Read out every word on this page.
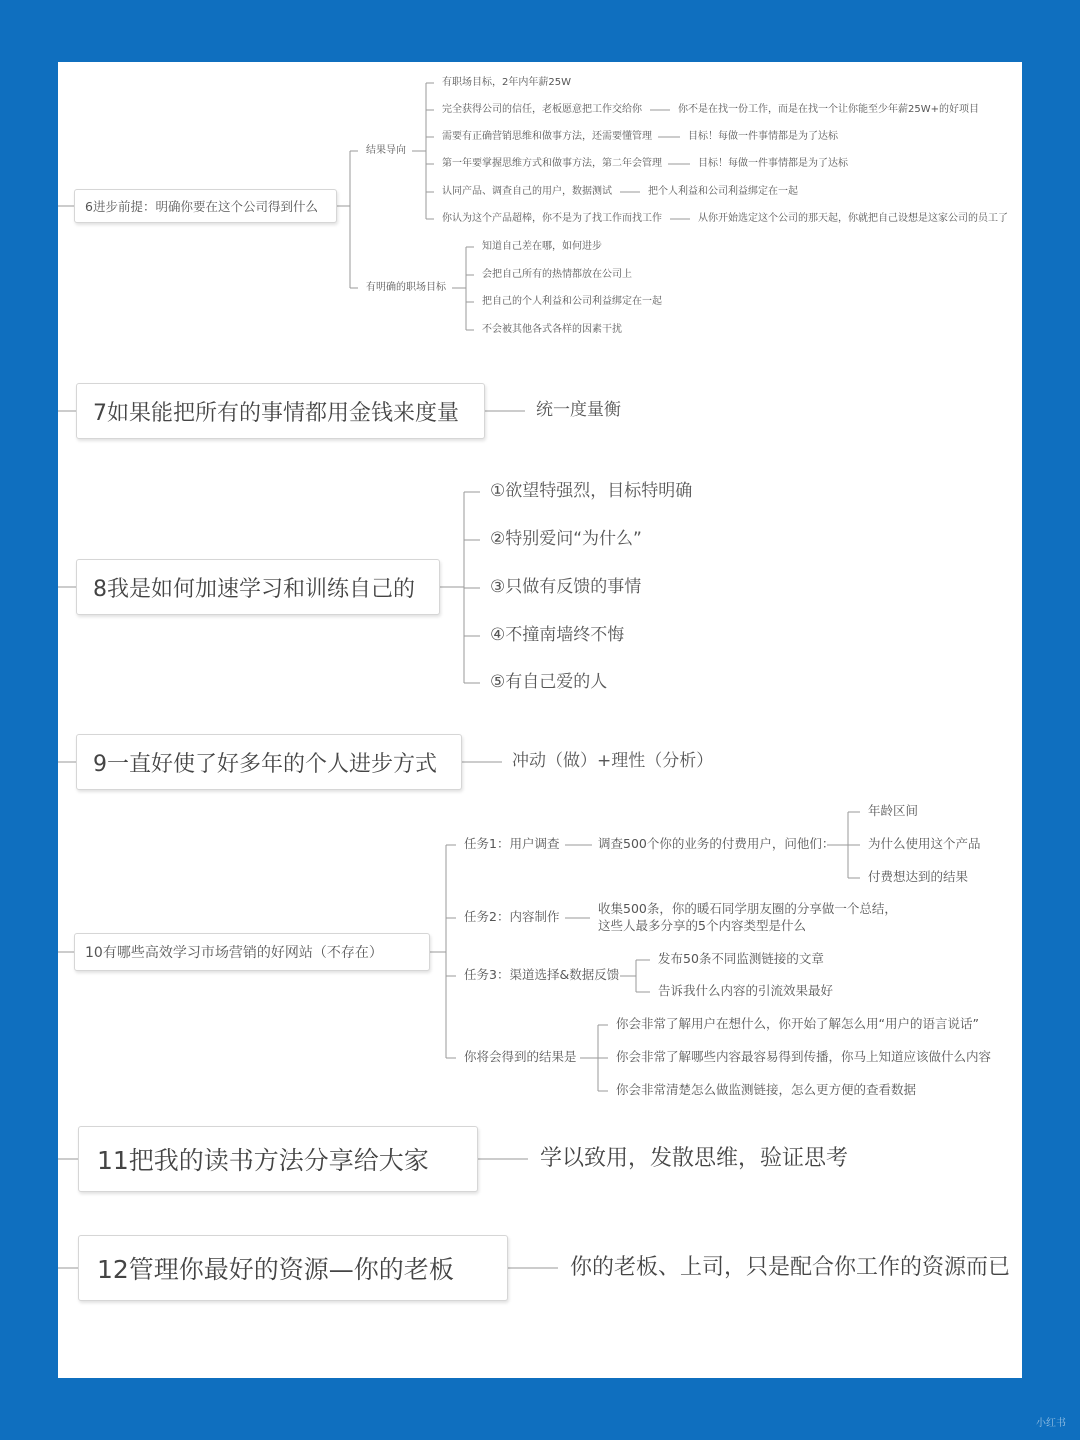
6进步前提：明确你要在这个公司得到什么
结果导向
有职场目标，2年内年薪25W
完全获得公司的信任，老板愿意把工作交给你
需要有正确营销思维和做事方法，还需要懂管理
第一年要掌握思维方式和做事方法，第二年会管理
认同产品、调查自己的用户，数据测试
你认为这个产品超棒，你不是为了找工作而找工作
你不是在找一份工作，而是在找一个让你能至少年薪25W+的好项目
目标！每做一件事情都是为了达标
目标！每做一件事情都是为了达标
把个人利益和公司利益绑定在一起
从你开始选定这个公司的那天起，你就把自己设想是这家公司的员工了
有明确的职场目标
知道自己差在哪，如何进步
会把自己所有的热情都放在公司上
把自己的个人利益和公司利益绑定在一起
不会被其他各式各样的因素干扰
7如果能把所有的事情都用金钱来度量	统一度量衡
8我是如何加速学习和训练自己的
①欲望特强烈，目标特明确
②特别爱问“为什么”
③只做有反馈的事情
④不撞南墙终不悔
⑤有自己爱的人
9一直好使了好多年的个人进步方式	冲动（做）+理性（分析）
10有哪些高效学习市场营销的好网站（不存在）
任务1：用户调查	调查500个你的业务的付费用户，问他们：
年龄区间
为什么使用这个产品
付费想达到的结果
任务2：内容制作
收集500条，你的暖石同学朋友圈的分享做一个总结，
这些人最多分享的5个内容类型是什么
任务3：渠道选择&数据反馈
发布50条不同监测链接的文章
告诉我什么内容的引流效果最好
你将会得到的结果是
你会非常了解用户在想什么，你开始了解怎么用“用户的语言说话”
你会非常了解哪些内容最容易得到传播，你马上知道应该做什么内容
你会非常清楚怎么做监测链接，怎么更方便的查看数据
11把我的读书方法分享给大家	学以致用，发散思维，验证思考
12管理你最好的资源—你的老板	你的老板、上司，只是配合你工作的资源而已
小红书
